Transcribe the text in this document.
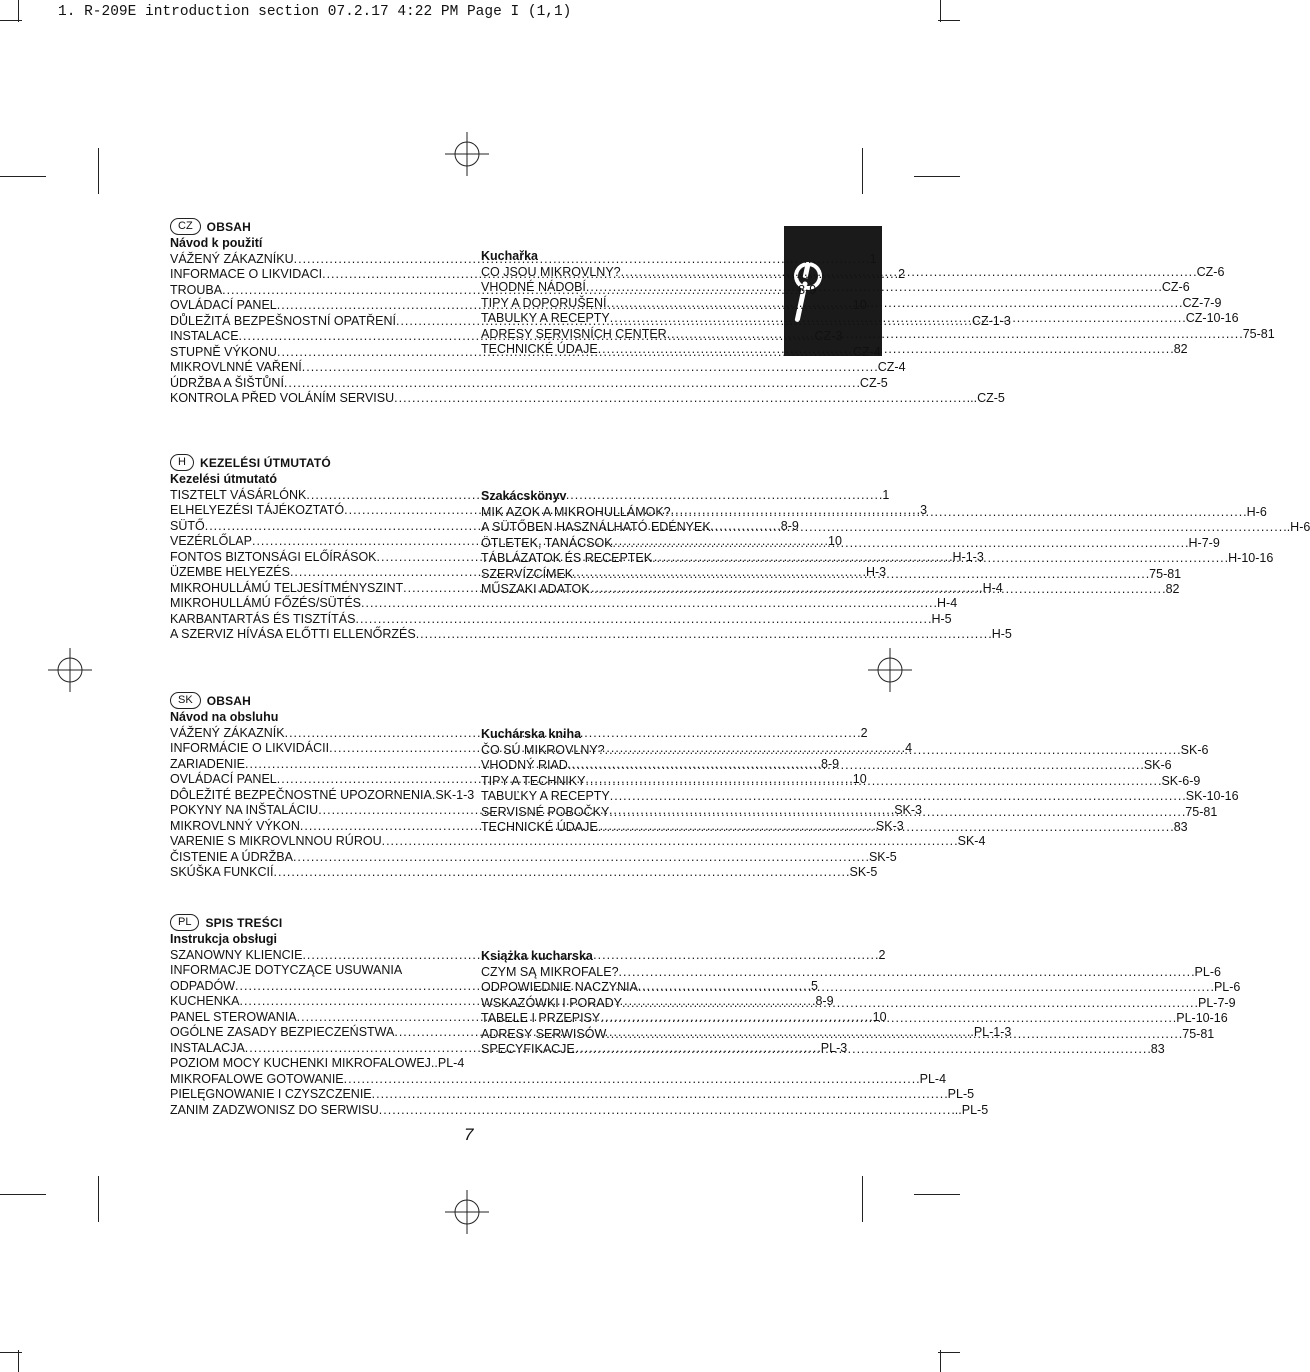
1. R-209E introduction section 07.2.17 4:22 PM Page I (1,1)
CZ	OBSAH
Návod k použití
VÁŽENÝ ZÁKAZNÍKU .....	.1
INFORMACE O LIKVIDACI .....	.2
TROUBA .....	.8-9
OVLÁDACÍ PANEL .....	.10
DŮLEŽITÁ BEZPEŠNOSTNÍ OPATŘENÍ .....	.CZ-1-3
INSTALACE .....	.CZ-3
STUPNĚ VÝKONU .....	.CZ-4
MIKROVLNNÉ VAŘENÍ .....	.CZ-4
ÚDRŽBA A ŠIŠTŮNÍ .....	.CZ-5
KONTROLA PŘED VOLÁNÍM SERVISU .....	...CZ-5
Kuchařka
CO JSOU MIKROVLNY? .....	.CZ-6
VHODNÉ NÁDOBÍ .....	.CZ-6
TIPY A DOPORUŠENÍ .....	.CZ-7-9
TABULKY A RECEPTY .....	.CZ-10-16
ADRESY SERVISNÍCH CENTER .....	.75-81
TECHNICKÉ ÚDAJE .....	.82
H	KEZELÉSI ÚTMUTATÓ
Kezelési útmutató
TISZTELT VÁSÁRLÓNK .....	.1
ELHELYEZÉSI TÁJÉKOZTATÓ .....	.3
SÜTŐ .....	.8-9
VEZÉRLŐLAP .....	.10
FONTOS BIZTONSÁGI ELŐÍRÁSOK .....	.H-1-3
ÜZEMBE HELYEZÉS .....	.H-3
MIKROHULLÁMÚ TELJESÍTMÉNYSZINT .....	..H-4
MIKROHULLÁMÚ FŐZÉS/SÜTÉS .....	.H-4
KARBANTARTÁS ÉS TISZTÍTÁS .....	.H-5
A SZERVIZ HÍVÁSA ELŐTTI ELLENŐRZÉS .....	.H-5
Szakácskönyv
MIK AZOK A MIKROHULLÁMOK? .....	.H-6
A SÜTŐBEN HASZNÁLHATÓ EDÉNYEK .....	..H-6
ÖTLETEK, TANÁCSOK .....	.H-7-9
TÁBLÁZATOK ÉS RECEPTEK .....	.H-10-16
SZERVÍZCÍMEK .....	.75-81
MŰSZAKI ADATOK .....	.82
SK	OBSAH
Návod na obsluhu
VÁŽENÝ ZÁKAZNÍK .....	.2
INFORMÁCIE O LIKVIDÁCII .....	.4
ZARIADENIE .....	.8-9
OVLÁDACÍ PANEL .....	.10
DÔLEŽITÉ BEZPEČNOSTNÉ UPOZORNENIA .SK-1-3
POKYNY NA INŠTALÁCIU .....	.SK-3
MIKROVLNNÝ VÝKON .....	.SK-3
VARENIE S MIKROVLNNOU RÚROU .....	.SK-4
ČISTENIE A ÚDRŽBA .....	.SK-5
SKÚŠKA FUNKCIÍ .....	.SK-5
Kuchárska kniha
ČO SÚ MIKROVLNY? .....	.SK-6
VHODNÝ RIAD .....	.SK-6
TIPY A TECHNIKY .....	.SK-6-9
TABUĽKY A RECEPTY .....	.SK-10-16
SERVISNÉ POBOČKY .....	.75-81
TECHNICKÉ ÚDAJE .....	.83
PL	SPIS TREŚCI
Instrukcja obsługi
SZANOWNY KLIENCIE .....	.2
INFORMACJE DOTYCZĄCE USUWANIA
ODPADÓW .....	.5
KUCHENKA .....	.8-9
PANEL STEROWANIA .....	.10
OGÓLNE ZASADY BEZPIECZEŃSTWA .....	..PL-1-3
INSTALACJA .....	.PL-3
POZIOM MOCY KUCHENKI MIKROFALOWEJ ..PL-4
MIKROFALOWE GOTOWANIE .....	.PL-4
PIELĘGNOWANIE I CZYSZCZENIE .....	.PL-5
ZANIM ZADZWONISZ DO SERWISU .....	...PL-5
Książka kucharska
CZYM SĄ MIKROFALE? .....	.PL-6
ODPOWIEDNIE NACZYNIA .....	.PL-6
WSKAZÓWKI I PORADY .....	.PL-7-9
TABELE I PRZEPISY .....	.PL-10-16
ADRESY SERWISÓW .....	.75-81
SPECYFIKACJE .....	.83
7
